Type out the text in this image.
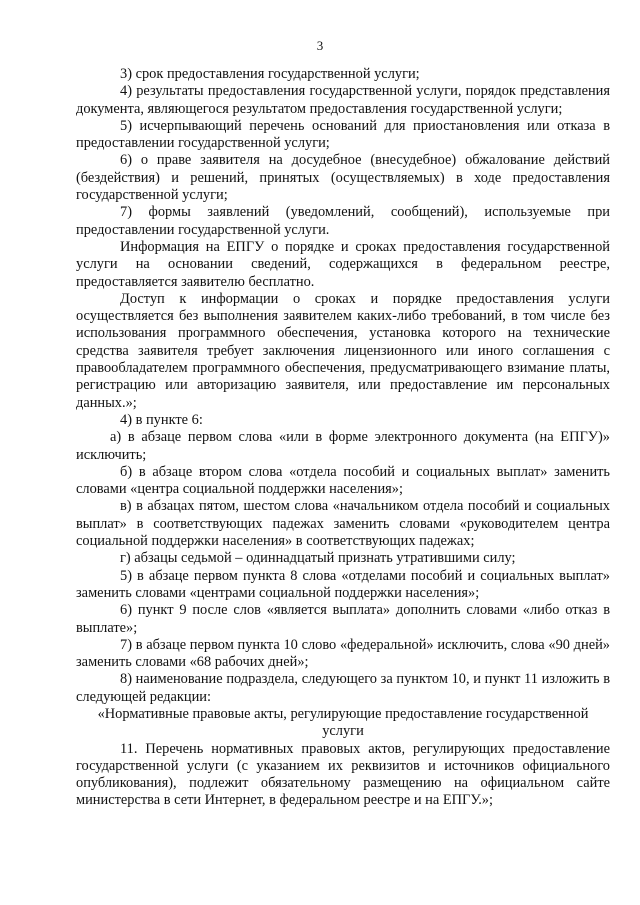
3

3) срок предоставления государственной услуги;

4) результаты предоставления государственной услуги, порядок представления документа, являющегося результатом предоставления государственной услуги;

5) исчерпывающий перечень оснований для приостановления или отказа в предоставлении государственной услуги;

6) о праве заявителя на досудебное (внесудебное) обжалование действий (бездействия) и решений, принятых (осуществляемых) в ходе предоставления государственной услуги;

7) формы заявлений (уведомлений, сообщений), используемые при предоставлении государственной услуги.

Информация на ЕПГУ о порядке и сроках предоставления государственной услуги на основании сведений, содержащихся в федеральном реестре, предоставляется заявителю бесплатно.

Доступ к информации о сроках и порядке предоставления услуги осуществляется без выполнения заявителем каких-либо требований, в том числе без использования программного обеспечения, установка которого на технические средства заявителя требует заключения лицензионного или иного соглашения с правообладателем программного обеспечения, предусматривающего взимание платы, регистрацию или авторизацию заявителя, или предоставление им персональных данных.»;

4) в пункте 6:

а) в абзаце первом слова «или в форме электронного документа (на ЕПГУ)» исключить;

б) в абзаце втором слова «отдела пособий и социальных выплат» заменить словами «центра социальной поддержки населения»;

в) в абзацах пятом, шестом слова «начальником отдела пособий и социальных выплат» в соответствующих падежах заменить словами «руководителем центра социальной поддержки населения» в соответствующих падежах;

г) абзацы седьмой – одиннадцатый признать утратившими силу;

5) в абзаце первом пункта 8 слова «отделами пособий и социальных выплат» заменить словами «центрами социальной поддержки населения»;

6) пункт 9 после слов «является выплата» дополнить словами «либо отказ в выплате»;

7) в абзаце первом пункта 10 слово «федеральной» исключить, слова «90 дней» заменить словами «68 рабочих дней»;

8) наименование подраздела, следующего за пунктом 10, и пункт 11 изложить в следующей редакции:

«Нормативные правовые акты, регулирующие предоставление государственной услуги

11. Перечень нормативных правовых актов, регулирующих предоставление государственной услуги (с указанием их реквизитов и источников официального опубликования), подлежит обязательному размещению на официальном сайте министерства в сети Интернет, в федеральном реестре и на ЕПГУ.»;
